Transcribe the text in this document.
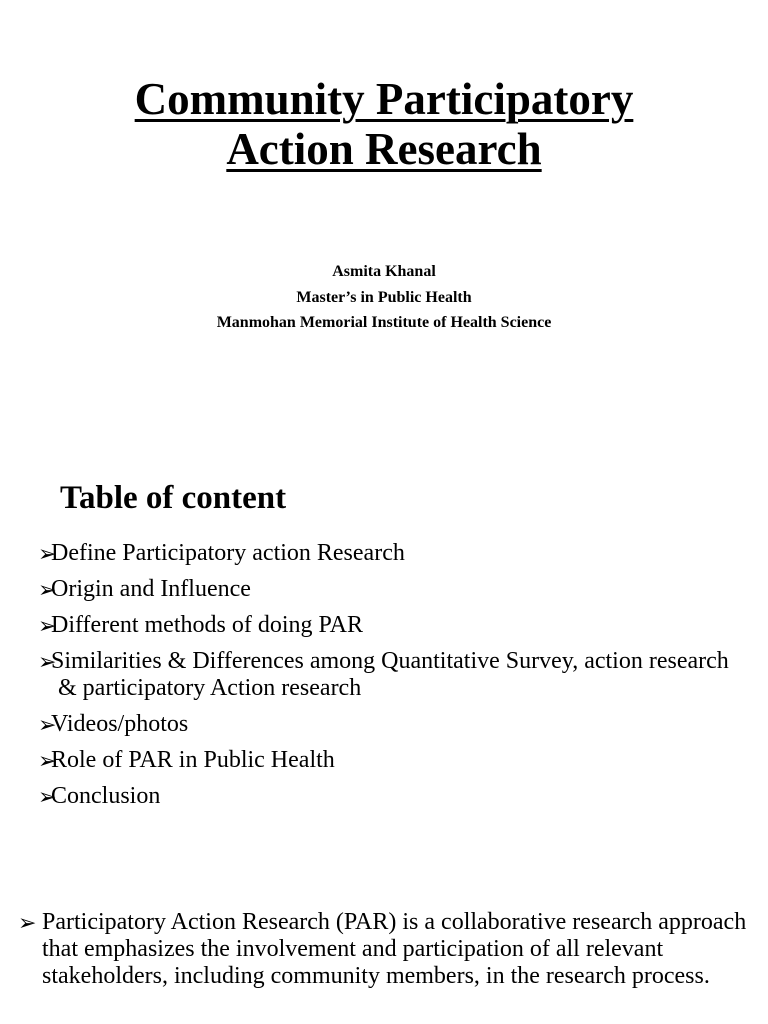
Community Participatory
Action Research
Asmita Khanal
Master’s in Public Health
Manmohan Memorial Institute of Health Science
Table of content
➢
Define Participatory action Research
➢
Origin and Influence
➢
Different methods of doing PAR
➢
Similarities & Differences among Quantitative Survey, action research & participatory Action research
➢
Videos/photos
➢
Role of PAR in Public Health
➢
Conclusion
➢ Participatory Action Research (PAR) is a collaborative research approach that emphasizes the involvement and participation of all relevant stakeholders, including community members, in the research process.
